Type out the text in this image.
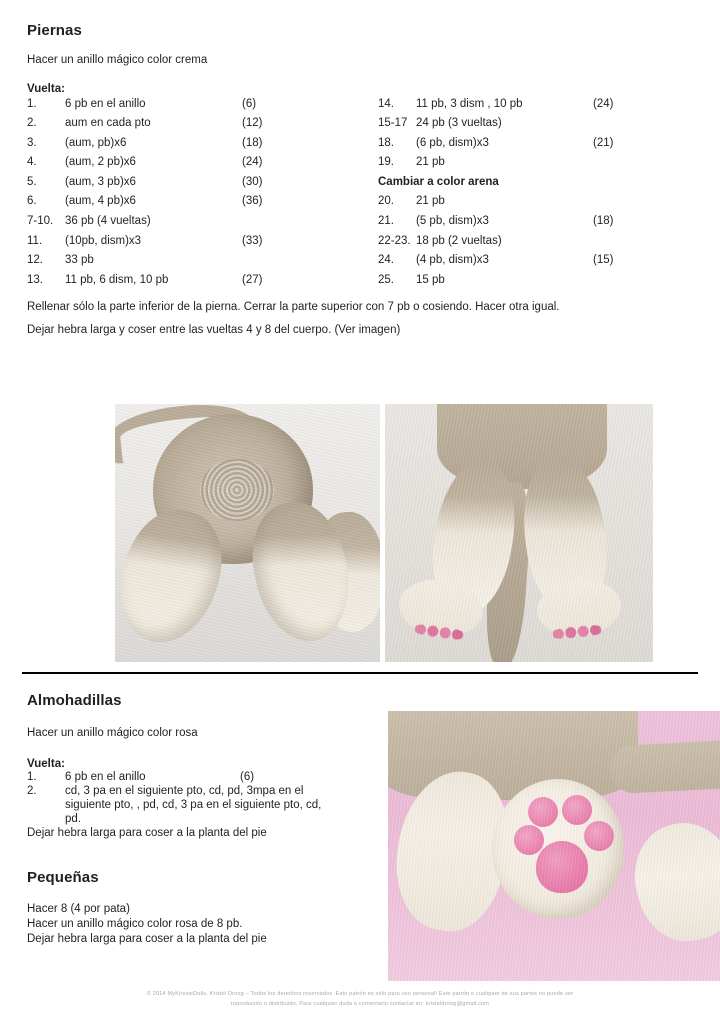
Piernas
Hacer un anillo mágico color crema
Vuelta:
1. 6 pb en el anillo	(6)
2. aum en cada pto	(12)
3. (aum, pb)x6	(18)
4. (aum, 2 pb)x6	(24)
5. (aum, 3 pb)x6	(30)
6. (aum, 4 pb)x6	(36)
7-10. 36 pb (4 vueltas)
11. (10pb, dism)x3	(33)
12. 33 pb
13. 11 pb, 6 dism, 10 pb	(27)
14. 11 pb, 3 dism , 10 pb	(24)
15-17 24 pb (3 vueltas)
18. (6 pb, dism)x3	(21)
19. 21 pb
Cambiar a color arena
20. 21 pb
21. (5 pb, dism)x3	(18)
22-23. 18 pb (2 vueltas)
24. (4 pb, dism)x3	(15)
25. 15 pb

Rellenar sólo la parte inferior de la pierna. Cerrar la parte superior con 7 pb o cosiendo. Hacer otra igual.

Dejar hebra larga y coser entre las vueltas 4 y 8 del cuerpo. (Ver imagen)

Almohadillas
Hacer un anillo mágico color rosa
Vuelta:
1. 6 pb en el anillo	(6)
2. cd, 3 pa en el siguiente pto, cd, pd, 3mpa en el siguiente pto, , pd, cd, 3 pa en el siguiente pto, cd, pd.

Dejar hebra larga para coser a la planta del pie

Pequeñas

Hacer 8 (4 por pata)

Hacer un anillo mágico color rosa de 8 pb.

Dejar hebra larga para coser a la planta del pie

© 2014 MyKrissieDolls, Kristel Droog – Todos los derechos reservados. Este patrón es sólo para uso personal! Este patrón o cualquier de sus partes no puede ser
reproducido o distribuido. Para cualquier duda o comentario contactar en: kristeldroog@gmail.com
